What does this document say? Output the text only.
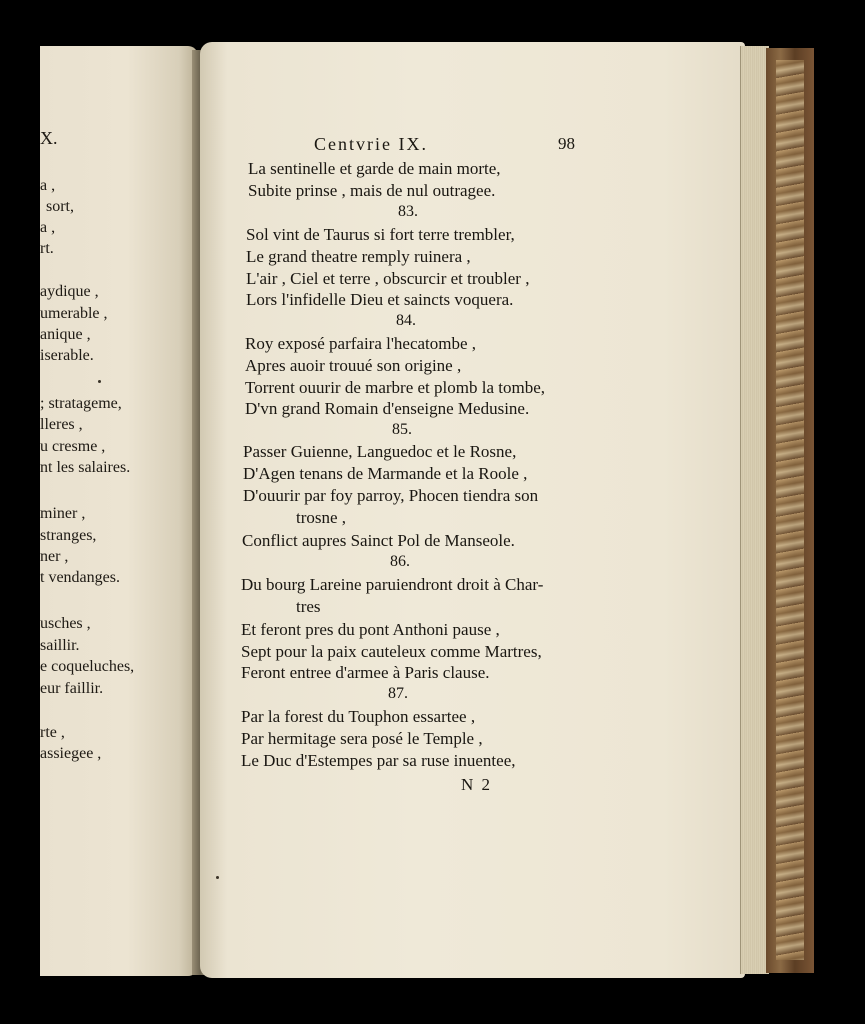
X.
a ,
sort,
a ,
rt.
aydique ,
umerable ,
anique ,
iserable.
; stratageme,
lleres ,
u cresme ,
nt les salaires.
miner ,
stranges,
ner ,
t vendanges.
usches ,
saillir.
e coqueluches,
eur faillir.
rte ,
assiegee ,
Centvrie IX.	98
La sentinelle et garde de main morte,
Subite prinse , mais de nul outragee.
83.
Sol vint de Taurus si fort terre trembler,
Le grand theatre remply ruinera ,
L'air , Ciel et terre , obscurcir et troubler ,
Lors l'infidelle Dieu et saincts voquera.
84.
Roy exposé parfaira l'hecatombe ,
Apres auoir trouué son origine ,
Torrent ouurir de marbre et plomb la tombe,
D'vn grand Romain d'enseigne Medusine.
85.
Passer Guienne, Languedoc et le Rosne,
D'Agen tenans de Marmande et la Roole ,
D'ouurir par foy parroy, Phocen tiendra son
trosne ,
Conflict aupres Sainct Pol de Manseole.
86.
Du bourg Lareine paruiendront droit à Char-
tres
Et feront pres du pont Anthoni pause ,
Sept pour la paix cauteleux comme Martres,
Feront entree d'armee à Paris clause.
87.
Par la forest du Touphon essartee ,
Par hermitage sera posé le Temple ,
Le Duc d'Estempes par sa ruse inuentee,
N 2
